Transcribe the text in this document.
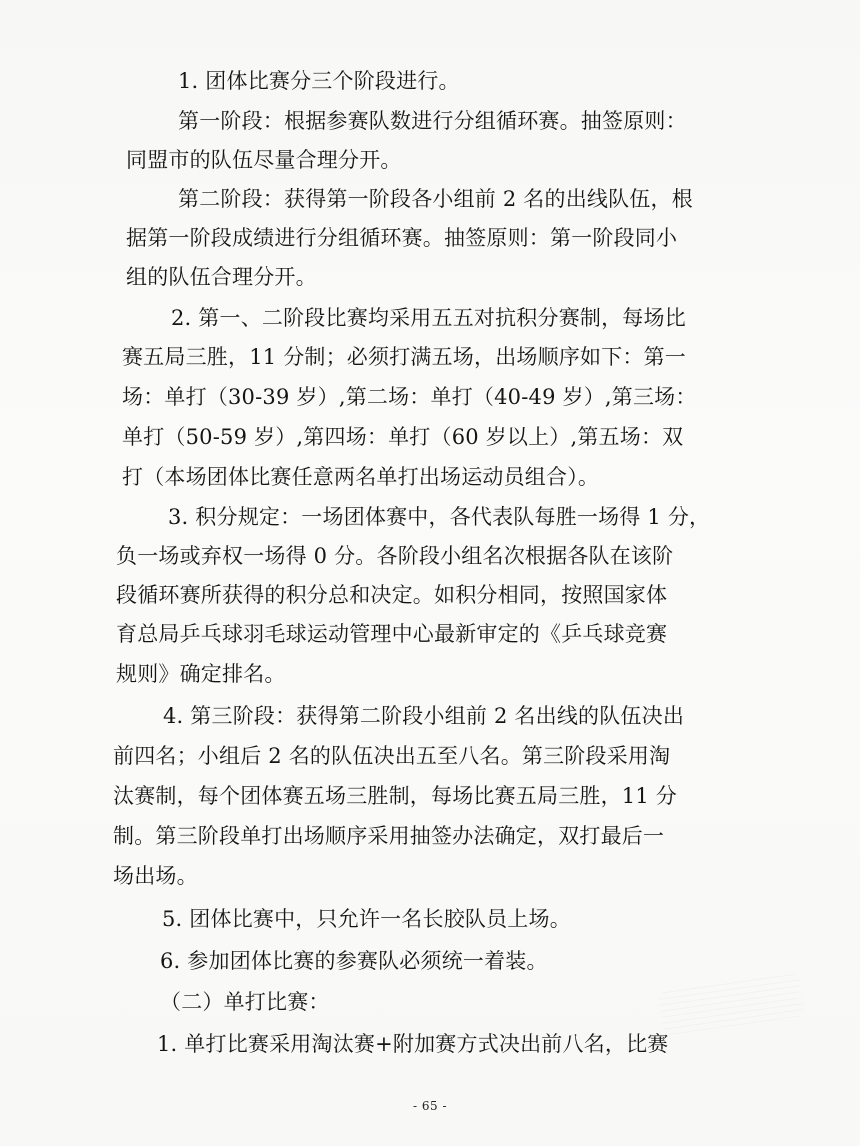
1. 团体比赛分三个阶段进行。
第一阶段：根据参赛队数进行分组循环赛。抽签原则：
同盟市的队伍尽量合理分开。
第二阶段：获得第一阶段各小组前 2 名的出线队伍，根
据第一阶段成绩进行分组循环赛。抽签原则：第一阶段同小
组的队伍合理分开。
2. 第一、二阶段比赛均采用五五对抗积分赛制，每场比
赛五局三胜，11 分制；必须打满五场，出场顺序如下：第一
场：单打（30-39 岁）,第二场：单打（40-49 岁）,第三场：
单打（50-59 岁）,第四场：单打（60 岁以上）,第五场：双
打（本场团体比赛任意两名单打出场运动员组合）。
3. 积分规定：一场团体赛中，各代表队每胜一场得 1 分，
负一场或弃权一场得 0 分。各阶段小组名次根据各队在该阶
段循环赛所获得的积分总和决定。如积分相同，按照国家体
育总局乒乓球羽毛球运动管理中心最新审定的《乒乓球竞赛
规则》确定排名。
4. 第三阶段：获得第二阶段小组前 2 名出线的队伍决出
前四名；小组后 2 名的队伍决出五至八名。第三阶段采用淘
汰赛制，每个团体赛五场三胜制，每场比赛五局三胜，11 分
制。第三阶段单打出场顺序采用抽签办法确定，双打最后一
场出场。
5. 团体比赛中，只允许一名长胶队员上场。
6. 参加团体比赛的参赛队必须统一着装。
（二）单打比赛：
1. 单打比赛采用淘汰赛+附加赛方式决出前八名，比赛
- 65 -
